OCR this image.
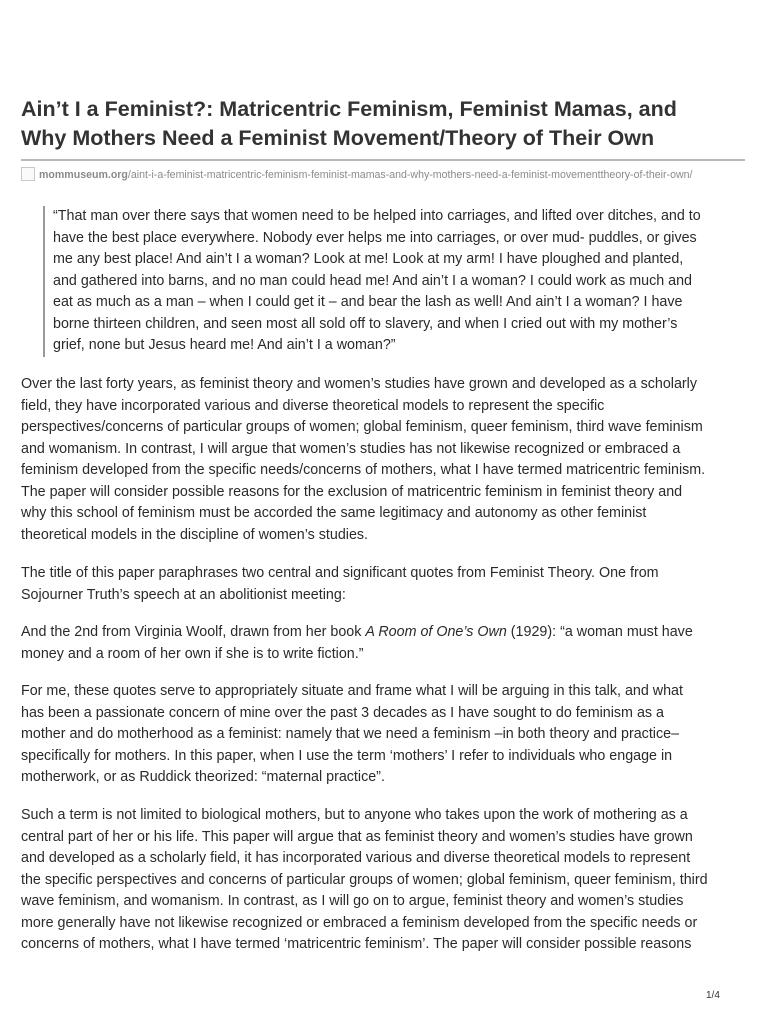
Ain’t I a Feminist?: Matricentric Feminism, Feminist Mamas, and
Why Mothers Need a Feminist Movement/Theory of Their Own
mommuseum.org/aint-i-a-feminist-matricentric-feminism-feminist-mamas-and-why-mothers-need-a-feminist-movementtheory-of-their-own/
“That man over there says that women need to be helped into carriages, and lifted over ditches, and to
have the best place everywhere. Nobody ever helps me into carriages, or over mud- puddles, or gives
me any best place! And ain’t I a woman? Look at me! Look at my arm! I have ploughed and planted,
and gathered into barns, and no man could head me! And ain’t I a woman? I could work as much and
eat as much as a man – when I could get it – and bear the lash as well! And ain’t I a woman? I have
borne thirteen children, and seen most all sold off to slavery, and when I cried out with my mother’s
grief, none but Jesus heard me! And ain’t I a woman?”

Over the last forty years, as feminist theory and women’s studies have grown and developed as a scholarly
field, they have incorporated various and diverse theoretical models to represent the specific
perspectives/concerns of particular groups of women; global feminism, queer feminism, third wave feminism
and womanism. In contrast, I will argue that women’s studies has not likewise recognized or embraced a
feminism developed from the specific needs/concerns of mothers, what I have termed matricentric feminism.
The paper will consider possible reasons for the exclusion of matricentric feminism in feminist theory and
why this school of feminism must be accorded the same legitimacy and autonomy as other feminist
theoretical models in the discipline of women’s studies.

The title of this paper paraphrases two central and significant quotes from Feminist Theory. One from
Sojourner Truth’s speech at an abolitionist meeting:

And the 2nd from Virginia Woolf, drawn from her book A Room of One’s Own (1929): “a woman must have
money and a room of her own if she is to write fiction.”

For me, these quotes serve to appropriately situate and frame what I will be arguing in this talk, and what
has been a passionate concern of mine over the past 3 decades as I have sought to do feminism as a
mother and do motherhood as a feminist: namely that we need a feminism –in both theory and practice–
specifically for mothers. In this paper, when I use the term ‘mothers’ I refer to individuals who engage in
motherwork, or as Ruddick theorized: “maternal practice”.

Such a term is not limited to biological mothers, but to anyone who takes upon the work of mothering as a
central part of her or his life. This paper will argue that as feminist theory and women’s studies have grown
and developed as a scholarly field, it has incorporated various and diverse theoretical models to represent
the specific perspectives and concerns of particular groups of women; global feminism, queer feminism, third
wave feminism, and womanism. In contrast, as I will go on to argue, feminist theory and women’s studies
more generally have not likewise recognized or embraced a feminism developed from the specific needs or
concerns of mothers, what I have termed ‘matricentric feminism’. The paper will consider possible reasons

1/4
